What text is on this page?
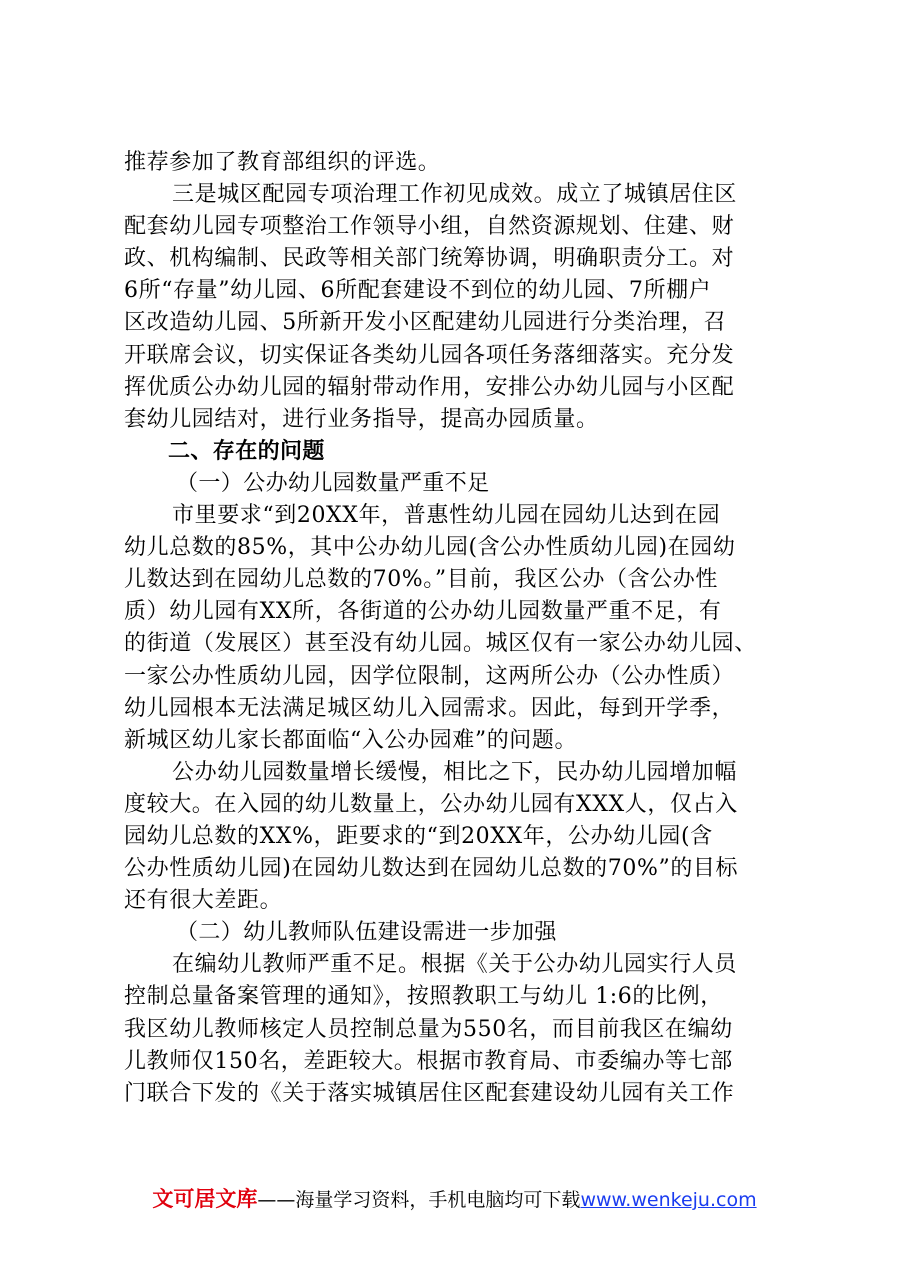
推荐参加了教育部组织的评选。
三是城区配园专项治理工作初见成效。成立了城镇居住区
配套幼儿园专项整治工作领导小组，自然资源规划、住建、财
政、机构编制、民政等相关部门统筹协调，明确职责分工。对
6所“存量”幼儿园、6所配套建设不到位的幼儿园、7所棚户
区改造幼儿园、5所新开发小区配建幼儿园进行分类治理，召
开联席会议，切实保证各类幼儿园各项任务落细落实。充分发
挥优质公办幼儿园的辐射带动作用，安排公办幼儿园与小区配
套幼儿园结对，进行业务指导，提高办园质量。
二、存在的问题
（一）公办幼儿园数量严重不足
市里要求“到20XX年，普惠性幼儿园在园幼儿达到在园
幼儿总数的85%，其中公办幼儿园(含公办性质幼儿园)在园幼
儿数达到在园幼儿总数的70%。”目前，我区公办（含公办性
质）幼儿园有XX所，各街道的公办幼儿园数量严重不足，有
的街道（发展区）甚至没有幼儿园。城区仅有一家公办幼儿园、
一家公办性质幼儿园，因学位限制，这两所公办（公办性质）
幼儿园根本无法满足城区幼儿入园需求。因此，每到开学季，
新城区幼儿家长都面临“入公办园难”的问题。
公办幼儿园数量增长缓慢，相比之下，民办幼儿园增加幅
度较大。在入园的幼儿数量上，公办幼儿园有XXX人，仅占入
园幼儿总数的XX%，距要求的“到20XX年，公办幼儿园(含
公办性质幼儿园)在园幼儿数达到在园幼儿总数的70%”的目标
还有很大差距。
（二）幼儿教师队伍建设需进一步加强
在编幼儿教师严重不足。根据《关于公办幼儿园实行人员
控制总量备案管理的通知》，按照教职工与幼儿 1:6的比例，
我区幼儿教师核定人员控制总量为550名，而目前我区在编幼
儿教师仅150名，差距较大。根据市教育局、市委编办等七部
门联合下发的《关于落实城镇居住区配套建设幼儿园有关工作
文可居文库——海量学习资料，手机电脑均可下载www.wenkeju.com
